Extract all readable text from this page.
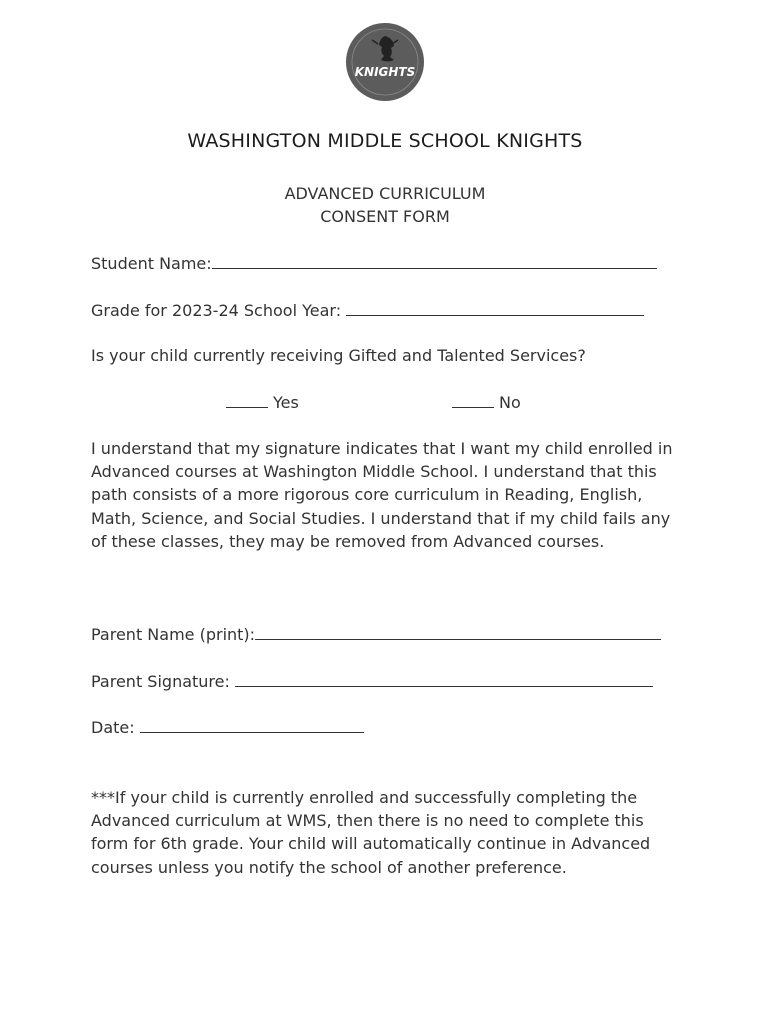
KNIGHTS
WASHINGTON MIDDLE SCHOOL KNIGHTS
ADVANCED CURRICULUM
CONSENT FORM
Student Name:
Grade for 2023-24 School Year:
Is your child currently receiving Gifted and Talented Services?
Yes	No
I understand that my signature indicates that I want my child enrolled in Advanced courses at Washington Middle School. I understand that this path consists of a more rigorous core curriculum in Reading, English, Math, Science, and Social Studies. I understand that if my child fails any of these classes, they may be removed from Advanced courses.
Parent Name (print):
Parent Signature:
Date:
***If your child is currently enrolled and successfully completing the Advanced curriculum at WMS, then there is no need to complete this form for 6th grade. Your child will automatically continue in Advanced courses unless you notify the school of another preference.
